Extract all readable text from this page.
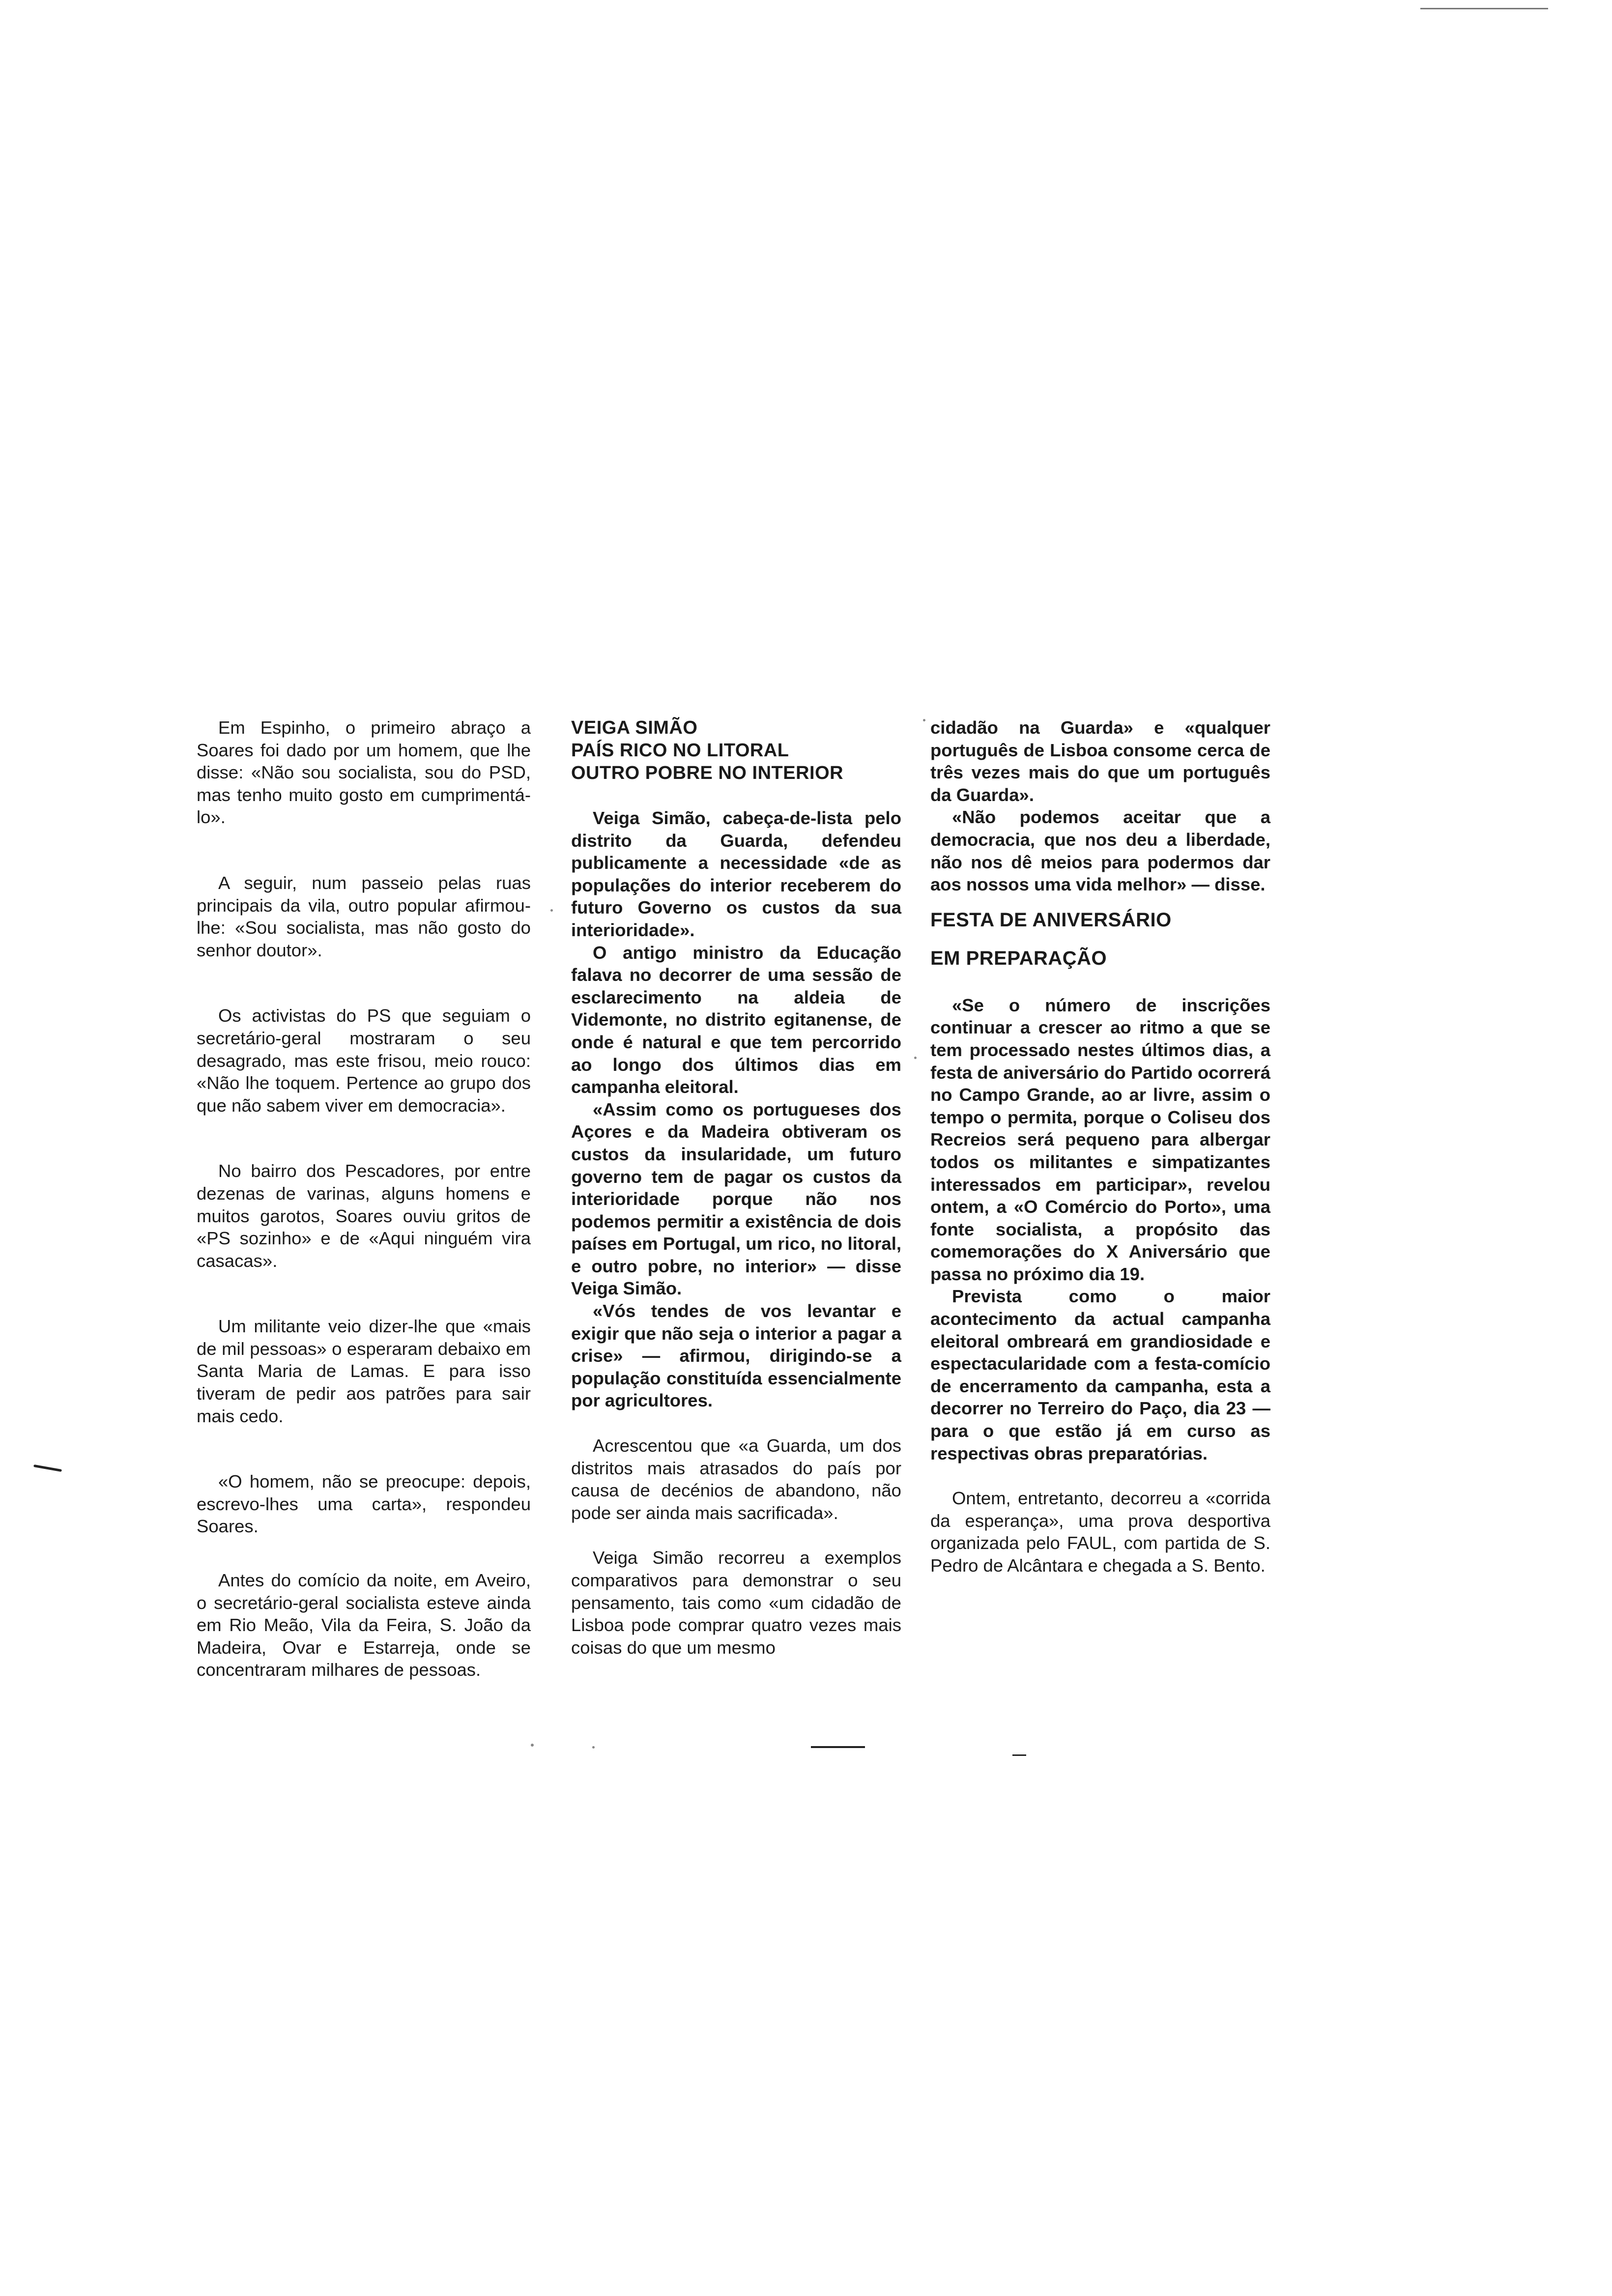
Em Espinho, o primeiro abraço a Soares foi dado por um homem, que lhe disse: «Não sou socialista, sou do PSD, mas tenho muito gosto em cumprimentá-lo».

A seguir, num passeio pelas ruas principais da vila, outro popular afirmou-lhe: «Sou socialista, mas não gosto do senhor doutor».

Os activistas do PS que seguiam o secretário-geral mostraram o seu desagrado, mas este frisou, meio rouco: «Não lhe toquem. Pertence ao grupo dos que não sabem viver em democracia».

No bairro dos Pescadores, por entre dezenas de varinas, alguns homens e muitos garotos, Soares ouviu gritos de «PS sozinho» e de «Aqui ninguém vira casacas».

Um militante veio dizer-lhe que «mais de mil pessoas» o esperaram debaixo em Santa Maria de Lamas. E para isso tiveram de pedir aos patrões para sair mais cedo.

«O homem, não se preocupe: depois, escrevo-lhes uma carta», respondeu Soares.

Antes do comício da noite, em Aveiro, o secretário-geral socialista esteve ainda em Rio Meão, Vila da Feira, S. João da Madeira, Ovar e Estarreja, onde se concentraram milhares de pessoas.

VEIGA SIMÃO

PAÍS RICO NO LITORAL

OUTRO POBRE NO INTERIOR

Veiga Simão, cabeça-de-lista pelo distrito da Guarda, defendeu publicamente a necessidade «de as populações do interior receberem do futuro Governo os custos da sua interioridade».

O antigo ministro da Educação falava no decorrer de uma sessão de esclarecimento na aldeia de Videmonte, no distrito egitanense, de onde é natural e que tem percorrido ao longo dos últimos dias em campanha eleitoral.

«Assim como os portugueses dos Açores e da Madeira obtiveram os custos da insularidade, um futuro governo tem de pagar os custos da interioridade porque não nos podemos permitir a existência de dois países em Portugal, um rico, no litoral, e outro pobre, no interior» — disse Veiga Simão.

«Vós tendes de vos levantar e exigir que não seja o interior a pagar a crise» — afirmou, dirigindo-se a população constituída essencialmente por agricultores.

Acrescentou que «a Guarda, um dos distritos mais atrasados do país por causa de decénios de abandono, não pode ser ainda mais sacrificada».

Veiga Simão recorreu a exemplos comparativos para demonstrar o seu pensamento, tais como «um cidadão de Lisboa pode comprar quatro vezes mais coisas do que um mesmo

cidadão na Guarda» e «qualquer português de Lisboa consome cerca de três vezes mais do que um português da Guarda».

«Não podemos aceitar que a democracia, que nos deu a liberdade, não nos dê meios para podermos dar aos nossos uma vida melhor» — disse.

FESTA DE ANIVERSÁRIO

EM PREPARAÇÃO

«Se o número de inscrições continuar a crescer ao ritmo a que se tem processado nestes últimos dias, a festa de aniversário do Partido ocorrerá no Campo Grande, ao ar livre, assim o tempo o permita, porque o Coliseu dos Recreios será pequeno para albergar todos os militantes e simpatizantes interessados em participar», revelou ontem, a «O Comércio do Porto», uma fonte socialista, a propósito das comemorações do X Aniversário que passa no próximo dia 19.

Prevista como o maior acontecimento da actual campanha eleitoral ombreará em grandiosidade e espectacularidade com a festa-comício de encerramento da campanha, esta a decorrer no Terreiro do Paço, dia 23 — para o que estão já em curso as respectivas obras preparatórias.

Ontem, entretanto, decorreu a «corrida da esperança», uma prova desportiva organizada pelo FAUL, com partida de S. Pedro de Alcântara e chegada a S. Bento.
